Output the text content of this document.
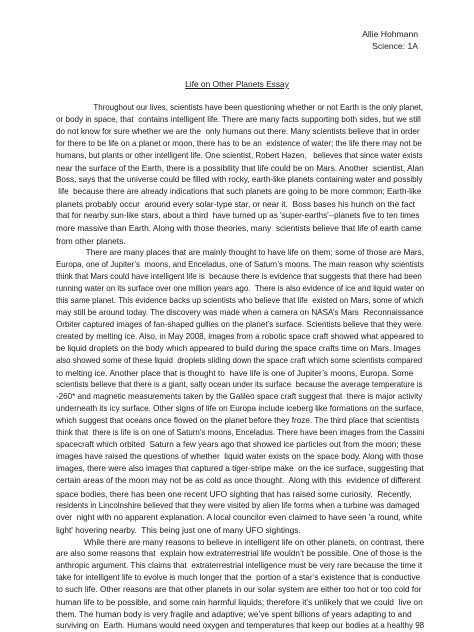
Allie Hohmann
Science: 1A
Life on Other Planets Essay
Throughout our lives, scientists have been questioning whether or not Earth is the only planet,
or body in space, that  contains intelligent life. There are many facts supporting both sides, but we still
do not know for sure whether we are the  only humans out there. Many scientists believe that in order
for there to be life on a planet or moon, there has to be an  existence of water; the life there may not be
humans, but plants or other intelligent life. One scientist, Robert Hazen,   believes that since water exists
near the surface of the Earth, there is a possibility that life could be on Mars. Another  scientist, Alan
Boss, says that the universe could be filled with rocky, earth-like planets containing water and possibly
life  because there are already indications that such planets are going to be more common; Earth-like
planets probably occur  around every solar-type star, or near it.  Boss bases his hunch on the fact
that for nearby sun-like stars, about a third  have turned up as 'super-earths'--planets five to ten times
more massive than Earth. Along with those theories, many  scientists believe that life of earth came
from other planets.
There are many places that are mainly thought to have life on them; some of those are Mars,
Europa, one of Jupiter’s  moons, and Enceladus, one of Saturn’s moons. The main reason why scientists
think that Mars could have intelligent life is  because there is evidence that suggests that there had been
running water on its surface over one million years ago.  There is also evidence of ice and liquid water on
this same planet. This evidence backs up scientists who believe that life  existed on Mars, some of which
may still be around today. The discovery was made when a camera on NASA’s Mars  Reconnaissance
Orbiter captured images of fan-shaped gullies on the planet’s surface. Scientists believe that they were
created by melting ice. Also, in May 2008, images from a robotic space craft showed what appeared to
be liquid droplets on the body which appeared to build during the space crafts time on Mars. Images
also showed some of these liquid  droplets sliding down the space craft which some scientists compared
to melting ice. Another place that is thought to  have life is one of Jupiter’s moons, Europa. Some
scientists believe that there is a giant, salty ocean under its surface  because the average temperature is
-260* and magnetic measurements taken by the Galileo space craft suggest that  there is major activity
underneath its icy surface. Other signs of life on Europa include iceberg like formations on the surface,
which suggest that oceans once flowed on the planet before they froze. The third place that scientists
think that  there is life is on one of Saturn's moons, Enceladus. There have been images from the Cassini
spacecraft which orbited  Saturn a few years ago that showed ice particles out from the moon; these
images have raised the questions of whether  liquid water exists on the space body. Along with those
images, there were also images that captured a tiger-stripe make  on the ice surface, suggesting that
certain areas of the moon may not be as cold as once thought.  Along with this  evidence of different
space bodies, there has been one recent UFO sighting that has raised some curiosity.  Recently,
residents in Lincolnshire believed that they were visited by alien life forms when a turbine was damaged
over  night with no apparent explanation. A local councilor even claimed to have seen 'a round, white
light' hovering nearby.  This being just one of many UFO sightings.
While there are many reasons to believe in intelligent life on other planets, on contrast, there
are also some reasons that  explain how extraterrestrial life wouldn’t be possible. One of those is the
anthropic argument. This claims that  extraterrestrial intelligence must be very rare because the time it
take for intelligent life to evolve is much longer that the  portion of a star’s existence that is conductive
to such life. Other reasons are that other planets in our solar system are either too hot or too cold for
human life to be possible, and some rain harmful liquids; therefore it’s unlikely that we could  live on
them. The human body is very fragile and adaptive; we’ve spent billions of years adapting to and
surviving on  Earth. Humans would need oxygen and temperatures that keep our bodies at a healthy 98
